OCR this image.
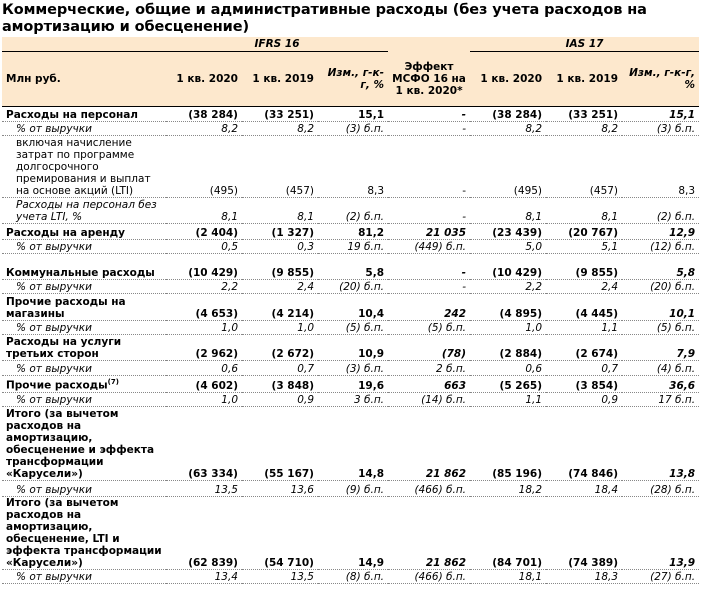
Коммерческие, общие и административные расходы (без учета расходов на амортизацию и обесценение)
	IFRS 16				IAS 17		
Млн руб.	1 кв. 2020	1 кв. 2019	Изм., г-к-г, %	Эффект МСФО 16 на 1 кв. 2020*	1 кв. 2020	1 кв. 2019	Изм., г-к-г, %
Расходы на персонал	(38 284)	(33 251)	15,1	-	(38 284)	(33 251)	15,1
% от выручки	8,2	8,2	(3) б.п.	-	8,2	8,2	(3) б.п.
включая начисление затрат по программе долгосрочного премирования и выплат на основе акций (LTI)	(495)	(457)	8,3	-	(495)	(457)	8,3
Расходы на персонал без учета LTI, %	8,1	8,1	(2) б.п.	-	8,1	8,1	(2) б.п.
Расходы на аренду	(2 404)	(1 327)	81,2	21 035	(23 439)	(20 767)	12,9
% от выручки	0,5	0,3	19 б.п.	(449) б.п.	5,0	5,1	(12) б.п.
Коммунальные расходы	(10 429)	(9 855)	5,8	-	(10 429)	(9 855)	5,8
% от выручки	2,2	2,4	(20) б.п.	-	2,2	2,4	(20) б.п.
Прочие расходы на магазины	(4 653)	(4 214)	10,4	242	(4 895)	(4 445)	10,1
% от выручки	1,0	1,0	(5) б.п.	(5) б.п.	1,0	1,1	(5) б.п.
Расходы на услуги третьих сторон	(2 962)	(2 672)	10,9	(78)	(2 884)	(2 674)	7,9
% от выручки	0,6	0,7	(3) б.п.	2 б.п.	0,6	0,7	(4) б.п.
Прочие расходы$^{(7)}$	(4 602)	(3 848)	19,6	663	(5 265)	(3 854)	36,6
% от выручки	1,0	0,9	3 б.п.	(14) б.п.	1,1	0,9	17 б.п.
Итого (за вычетом расходов на амортизацию, обесценение и эффекта трансформации «Карусели»)	(63 334)	(55 167)	14,8	21 862	(85 196)	(74 846)	13,8
% от выручки	13,5	13,6	(9) б.п.	(466) б.п.	18,2	18,4	(28) б.п.
Итого (за вычетом расходов на амортизацию, обесценение, LTI и эффекта трансформации «Карусели»)	(62 839)	(54 710)	14,9	21 862	(84 701)	(74 389)	13,9
% от выручки	13,4	13,5	(8) б.п.	(466) б.п.	18,1	18,3	(27) б.п.
